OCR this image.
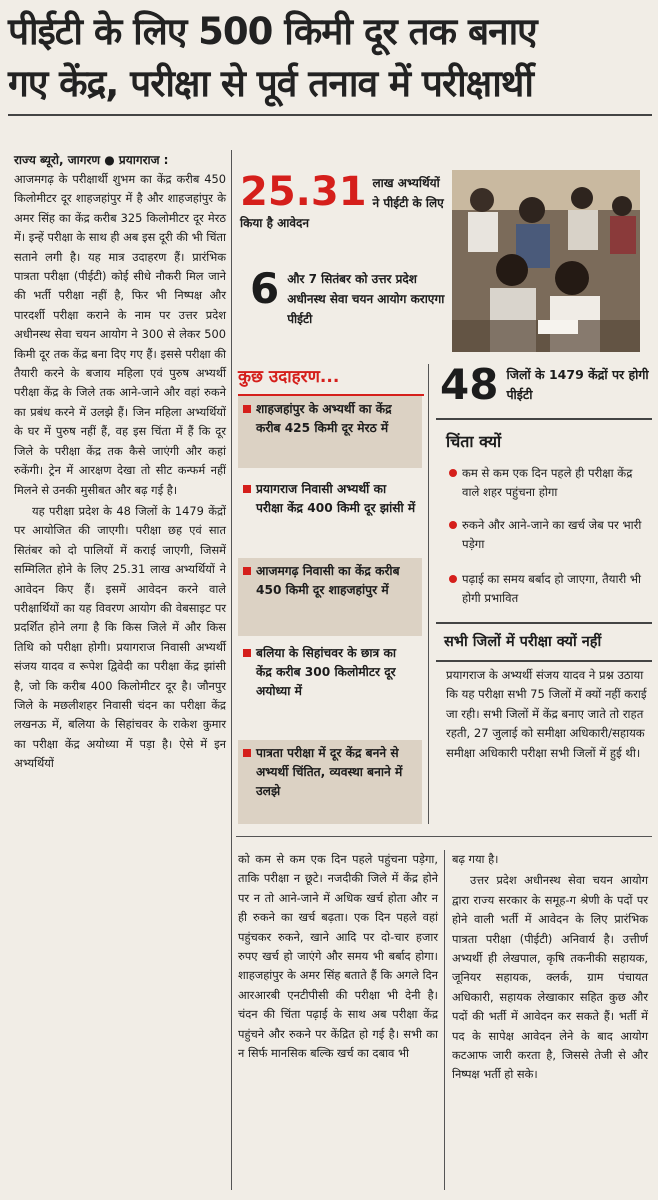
पीईटी के लिए 500 किमी दूर तक बनाए
गए केंद्र, परीक्षा से पूर्व तनाव में परीक्षार्थी
राज्य ब्यूरो, जागरण ● प्रयागराज :

आजमगढ़ के परीक्षार्थी शुभम का केंद्र करीब 450 किलोमीटर दूर शाहजहांपुर में है और शाहजहांपुर के अमर सिंह का केंद्र करीब 325 किलोमीटर दूर मेरठ में। इन्हें परीक्षा के साथ ही अब इस दूरी की भी चिंता सताने लगी है। यह मात्र उदाहरण हैं। प्रारंभिक पात्रता परीक्षा (पीईटी) कोई सीधे नौकरी मिल जाने की भर्ती परीक्षा नहीं है, फिर भी निष्पक्ष और पारदर्शी परीक्षा कराने के नाम पर उत्तर प्रदेश अधीनस्थ सेवा चयन आयोग ने 300 से लेकर 500 किमी दूर तक केंद्र बना दिए गए हैं। इससे परीक्षा की तैयारी करने के बजाय महिला एवं पुरुष अभ्यर्थी परीक्षा केंद्र के जिले तक आने-जाने और वहां रुकने का प्रबंध करने में उलझे हैं। जिन महिला अभ्यर्थियों के घर में पुरुष नहीं हैं, वह इस चिंता में हैं कि दूर जिले के परीक्षा केंद्र तक कैसे जाएंगी और कहां रुकेंगी। ट्रेन में आरक्षण देखा तो सीट कन्फर्म नहीं मिलने से उनकी मुसीबत और बढ़ गई है।

यह परीक्षा प्रदेश के 48 जिलों के 1479 केंद्रों पर आयोजित की जाएगी। परीक्षा छह एवं सात सितंबर को दो पालियों में कराई जाएगी, जिसमें सम्मिलित होने के लिए 25.31 लाख अभ्यर्थियों ने आवेदन किए हैं। इसमें आवेदन करने वाले परीक्षार्थियों का यह विवरण आयोग की वेबसाइट पर प्रदर्शित होने लगा है कि किस जिले में और किस तिथि को परीक्षा होगी। प्रयागराज निवासी अभ्यर्थी संजय यादव व रूपेश द्विवेदी का परीक्षा केंद्र झांसी है, जो कि करीब 400 किलोमीटर दूर है। जौनपुर जिले के मछलीशहर निवासी चंदन का परीक्षा केंद्र लखनऊ में, बलिया के सिहांचवर के राकेश कुमार का परीक्षा केंद्र अयोध्या में पड़ा है। ऐसे में इन अभ्यर्थियों

25.31 लाख अभ्यर्थियों ने पीईटी के लिए किया है आवेदन
6 और 7 सितंबर को उत्तर प्रदेश अधीनस्थ सेवा चयन आयोग कराएगा पीईटी
कुछ उदाहरण...
शाहजहांपुर के अभ्यर्थी का केंद्र करीब 425 किमी दूर मेरठ में
प्रयागराज निवासी अभ्यर्थी का परीक्षा केंद्र 400 किमी दूर झांसी में
आजमगढ़ निवासी का केंद्र करीब 450 किमी दूर शाहजहांपुर में
बलिया के सिहांचवर के छात्र का केंद्र करीब 300 किलोमीटर दूर अयोध्या में
पात्रता परीक्षा में दूर केंद्र बनने से अभ्यर्थी चिंतित, व्यवस्था बनाने में उलझे
48 जिलों के 1479 केंद्रों पर होगी पीईटी
चिंता क्यों
कम से कम एक दिन पहले ही परीक्षा केंद्र वाले शहर पहुंचना होगा
रुकने और आने-जाने का खर्च जेब पर भारी पड़ेगा
पढ़ाई का समय बर्बाद हो जाएगा, तैयारी भी होगी प्रभावित
सभी जिलों में परीक्षा क्यों नहीं
प्रयागराज के अभ्यर्थी संजय यादव ने प्रश्न उठाया कि यह परीक्षा सभी 75 जिलों में क्यों नहीं कराई जा रही। सभी जिलों में केंद्र बनाए जाते तो राहत रहती, 27 जुलाई को समीक्षा अधिकारी/सहायक समीक्षा अधिकारी परीक्षा सभी जिलों में हुई थी।

को कम से कम एक दिन पहले पहुंचना पड़ेगा, ताकि परीक्षा न छूटे। नजदीकी जिले में केंद्र होने पर न तो आने-जाने में अधिक खर्च होता और न ही रुकने का खर्च बढ़ता। एक दिन पहले वहां पहुंचकर रुकने, खाने आदि पर दो-चार हजार रुपए खर्च हो जाएंगे और समय भी बर्बाद होगा। शाहजहांपुर के अमर सिंह बताते हैं कि अगले दिन आरआरबी एनटीपीसी की परीक्षा भी देनी है। चंदन की चिंता पढ़ाई के साथ अब परीक्षा केंद्र पहुंचने और रुकने पर केंद्रित हो गई है। सभी का न सिर्फ मानसिक बल्कि खर्च का दबाव भी

बढ़ गया है।

उत्तर प्रदेश अधीनस्थ सेवा चयन आयोग द्वारा राज्य सरकार के समूह-ग श्रेणी के पदों पर होने वाली भर्ती में आवेदन के लिए प्रारंभिक पात्रता परीक्षा (पीईटी) अनिवार्य है। उत्तीर्ण अभ्यर्थी ही लेखपाल, कृषि तकनीकी सहायक, जूनियर सहायक, क्लर्क, ग्राम पंचायत अधिकारी, सहायक लेखाकार सहित कुछ और पदों की भर्ती में आवेदन कर सकते हैं। भर्ती में पद के सापेक्ष आवेदन लेने के बाद आयोग कटआफ जारी करता है, जिससे तेजी से और निष्पक्ष भर्ती हो सके।
